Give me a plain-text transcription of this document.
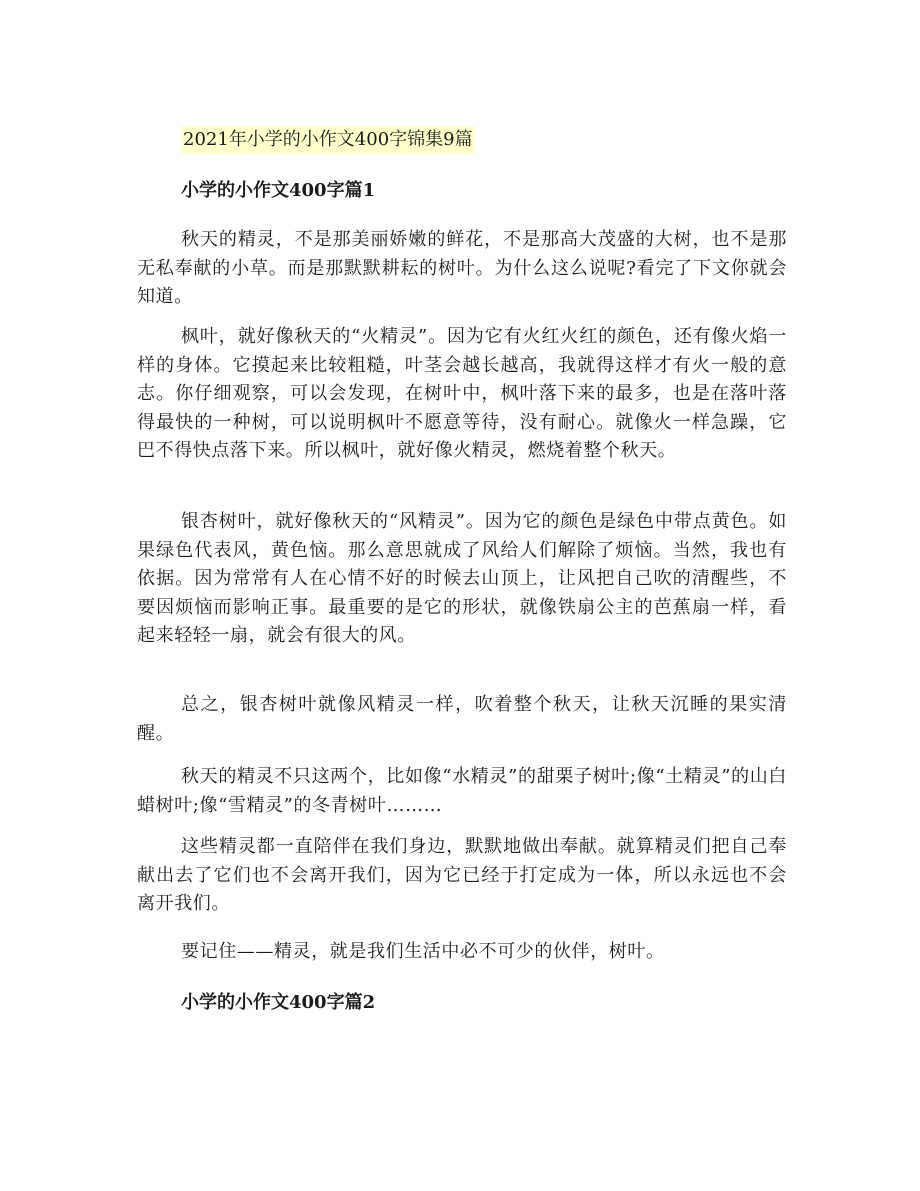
2021年小学的小作文400字锦集9篇
小学的小作文400字篇1
秋天的精灵，不是那美丽娇嫩的鲜花，不是那高大茂盛的大树，也不是那无私奉献的小草。而是那默默耕耘的树叶。为什么这么说呢?看完了下文你就会知道。
枫叶，就好像秋天的“火精灵”。因为它有火红火红的颜色，还有像火焰一样的身体。它摸起来比较粗糙，叶茎会越长越高，我就得这样才有火一般的意志。你仔细观察，可以会发现，在树叶中，枫叶落下来的最多，也是在落叶落得最快的一种树，可以说明枫叶不愿意等待，没有耐心。就像火一样急躁，它巴不得快点落下来。所以枫叶，就好像火精灵，燃烧着整个秋天。
银杏树叶，就好像秋天的“风精灵”。因为它的颜色是绿色中带点黄色。如果绿色代表风，黄色恼。那么意思就成了风给人们解除了烦恼。当然，我也有依据。因为常常有人在心情不好的时候去山顶上，让风把自己吹的清醒些，不要因烦恼而影响正事。最重要的是它的形状，就像铁扇公主的芭蕉扇一样，看起来轻轻一扇，就会有很大的风。
总之，银杏树叶就像风精灵一样，吹着整个秋天，让秋天沉睡的果实清醒。
秋天的精灵不只这两个，比如像“水精灵”的甜栗子树叶;像“土精灵”的山白蜡树叶;像“雪精灵”的冬青树叶………
这些精灵都一直陪伴在我们身边，默默地做出奉献。就算精灵们把自己奉献出去了它们也不会离开我们，因为它已经于打定成为一体，所以永远也不会离开我们。
要记住——精灵，就是我们生活中必不可少的伙伴，树叶。
小学的小作文400字篇2
